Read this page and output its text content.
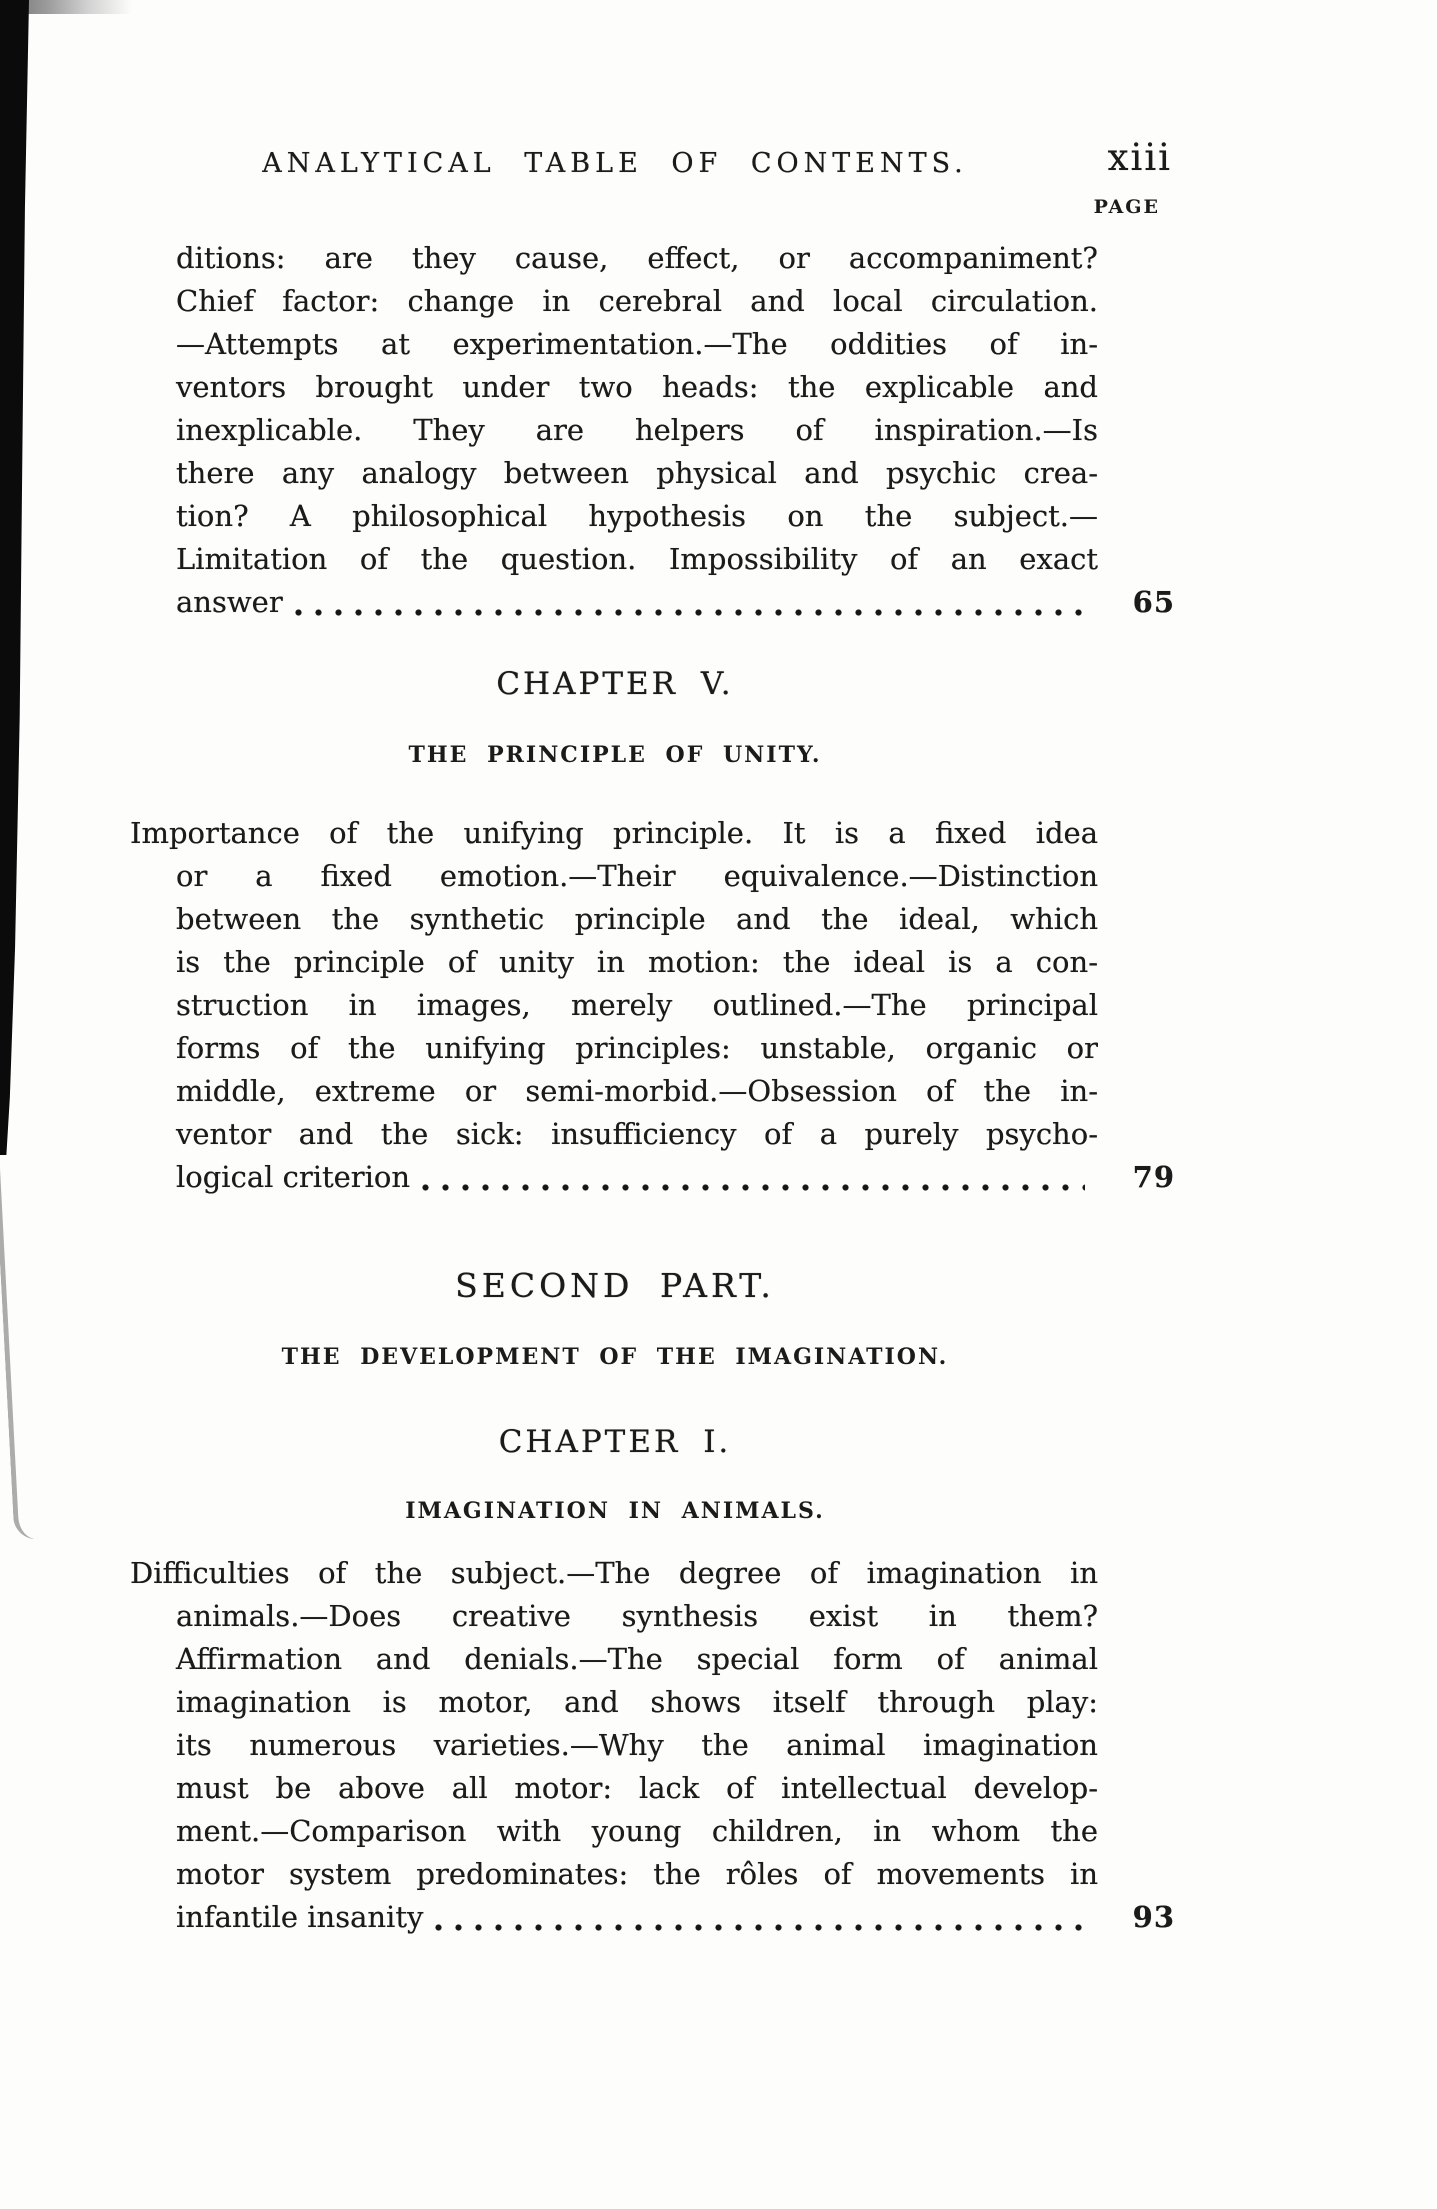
ANALYTICAL TABLE OF CONTENTS.	xiii
PAGE
ditions: are they cause, effect, or accompaniment?
Chief factor: change in cerebral and local circulation.
—Attempts at experimentation.—The oddities of in-
ventors brought under two heads: the explicable and
inexplicable. They are helpers of inspiration.—Is
there any analogy between physical and psychic crea-
tion? A philosophical hypothesis on the subject.—
Limitation of the question. Impossibility of an exact
answer	65
CHAPTER V.
THE PRINCIPLE OF UNITY.
Importance of the unifying principle. It is a fixed idea
or a fixed emotion.—Their equivalence.—Distinction
between the synthetic principle and the ideal, which
is the principle of unity in motion: the ideal is a con-
struction in images, merely outlined.—The principal
forms of the unifying principles: unstable, organic or
middle, extreme or semi-morbid.—Obsession of the in-
ventor and the sick: insufficiency of a purely psycho-
logical criterion	79
SECOND PART.
THE DEVELOPMENT OF THE IMAGINATION.
CHAPTER I.
IMAGINATION IN ANIMALS.
Difficulties of the subject.—The degree of imagination in
animals.—Does creative synthesis exist in them?
Affirmation and denials.—The special form of animal
imagination is motor, and shows itself through play:
its numerous varieties.—Why the animal imagination
must be above all motor: lack of intellectual develop-
ment.—Comparison with young children, in whom the
motor system predominates: the rôles of movements in
infantile insanity	93
